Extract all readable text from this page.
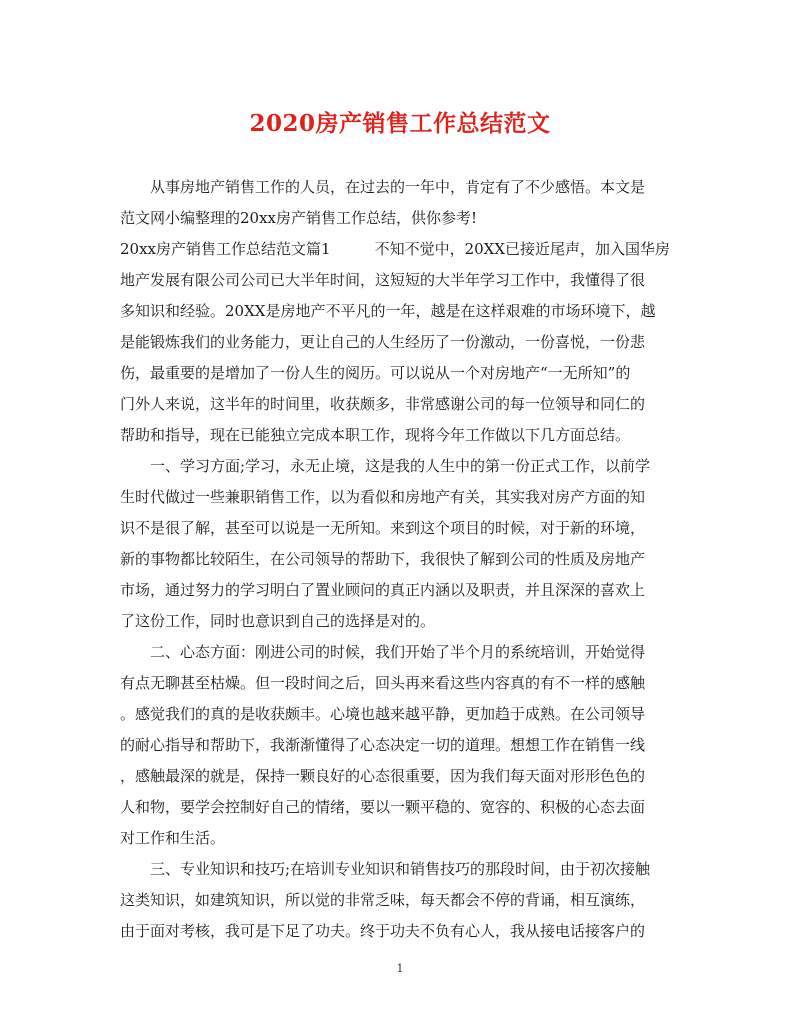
2020房产销售工作总结范文
从事房地产销售工作的人员，在过去的一年中，肯定有了不少感悟。本文是
范文网小编整理的20xx房产销售工作总结，供你参考!
20xx房产销售工作总结范文篇1	不知不觉中，20XX已接近尾声，加入国华房
地产发展有限公司公司已大半年时间，这短短的大半年学习工作中，我懂得了很
多知识和经验。20XX是房地产不平凡的一年，越是在这样艰难的市场环境下，越
是能锻炼我们的业务能力，更让自己的人生经历了一份激动，一份喜悦，一份悲
伤，最重要的是增加了一份人生的阅历。可以说从一个对房地产“一无所知”的
门外人来说，这半年的时间里，收获颇多，非常感谢公司的每一位领导和同仁的
帮助和指导，现在已能独立完成本职工作，现将今年工作做以下几方面总结。
一、学习方面;学习，永无止境，这是我的人生中的第一份正式工作，以前学
生时代做过一些兼职销售工作，以为看似和房地产有关，其实我对房产方面的知
识不是很了解，甚至可以说是一无所知。来到这个项目的时候，对于新的环境，
新的事物都比较陌生，在公司领导的帮助下，我很快了解到公司的性质及房地产
市场，通过努力的学习明白了置业顾问的真正内涵以及职责，并且深深的喜欢上
了这份工作，同时也意识到自己的选择是对的。
二、心态方面：刚进公司的时候，我们开始了半个月的系统培训，开始觉得
有点无聊甚至枯燥。但一段时间之后，回头再来看这些内容真的有不一样的感触
。感觉我们的真的是收获颇丰。心境也越来越平静，更加趋于成熟。在公司领导
的耐心指导和帮助下，我渐渐懂得了心态决定一切的道理。想想工作在销售一线
，感触最深的就是，保持一颗良好的心态很重要，因为我们每天面对形形色色的
人和物，要学会控制好自己的情绪，要以一颗平稳的、宽容的、积极的心态去面
对工作和生活。
三、专业知识和技巧;在培训专业知识和销售技巧的那段时间，由于初次接触
这类知识，如建筑知识，所以觉的非常乏味，每天都会不停的背诵，相互演练，
由于面对考核，我可是下足了功夫。终于功夫不负有心人，我从接电话接客户的
1
